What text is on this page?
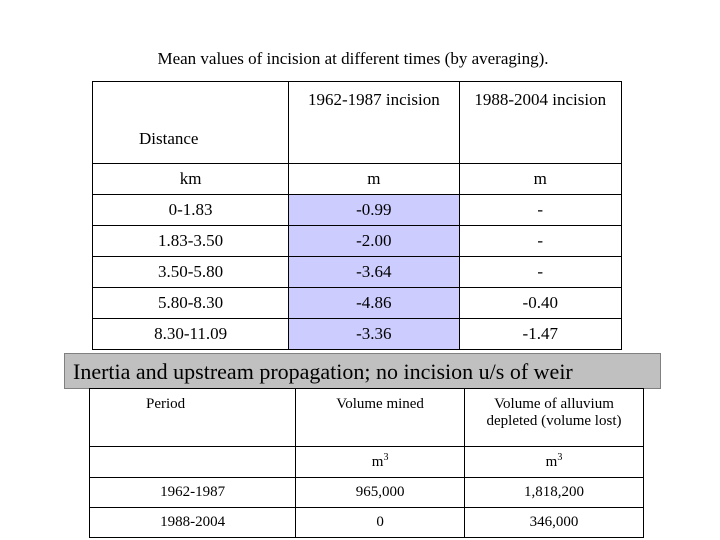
Mean values of incision at different times (by averaging).
Distance	1962-1987 incision	1988-2004 incision
km	m	m
0-1.83	-0.99	-
1.83-3.50	-2.00	-
3.50-5.80	-3.64	-
5.80-8.30	-4.86	-0.40
8.30-11.09	-3.36	-1.47
Inertia and upstream propagation; no incision u/s of weir
Period	Volume mined	Volume of alluvium
depleted (volume lost)
	$m^3$	$m^3$
1962-1987	965,000	1,818,200
1988-2004	0	346,000
